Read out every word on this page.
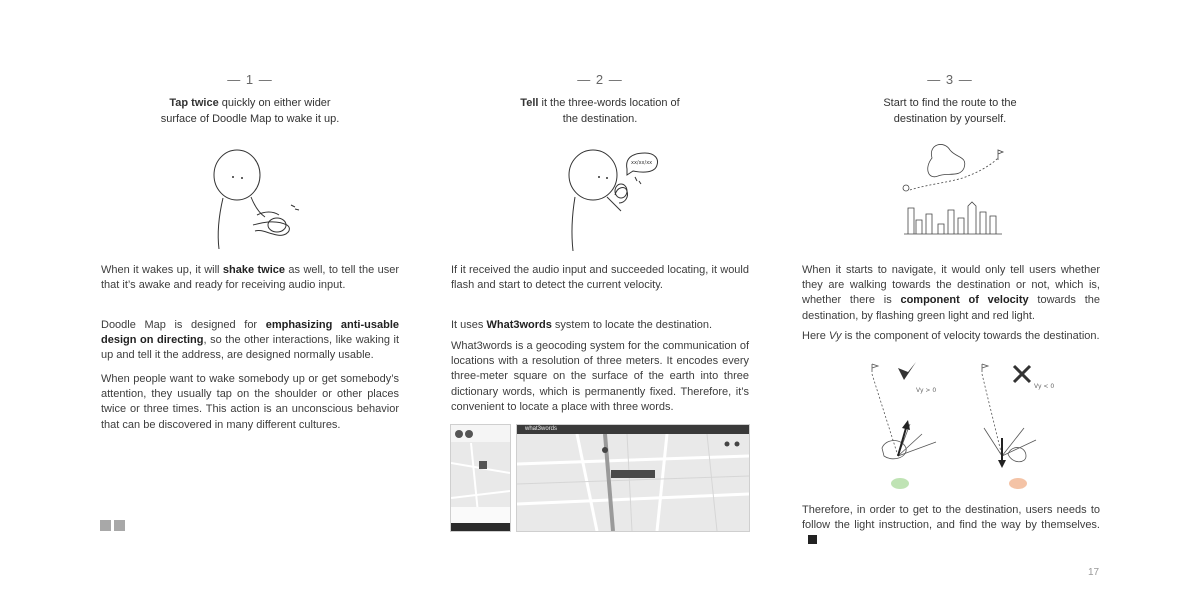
— 1 —
Tap twice quickly on either wider
surface of Doodle Map to wake it up.
When it wakes up, it will shake twice as well, to tell the user that it’s awake and ready for receiving audio input.
Doodle Map is designed for emphasizing anti-usable design on directing, so the other interactions, like waking it up and tell it the address, are designed normally usable.
When people want to wake somebody up or get somebody’s attention, they usually tap on the shoulder or other places twice or three times. This action is an unconscious behavior that can be discovered in many different cultures.
— 2 —
Tell it the three-words location of
the destination.
xx/xx/xx
If it received the audio input and succeeded locating, it would flash and start to detect the current velocity.
It uses What3words system to locate the destination.
What3words is a geocoding system for the communication of locations with a resolution of three meters. It encodes every three-meter square on the surface of the earth into three dictionary words, which is permanently fixed. Therefore, it’s convenient to locate a place with three words.
what3words
— 3 —
Start to find the route to the
destination by yourself.
When it starts to navigate, it would only tell users whether they are walking towards the destination or not, which is, whether there is component of velocity towards the destination, by flashing green light and red light.
Here Vy is the component of velocity towards the destination.
Vy > 0
Vy < 0
Therefore, in order to get to the destination, users needs to follow the light instruction, and find the way by themselves.
17
